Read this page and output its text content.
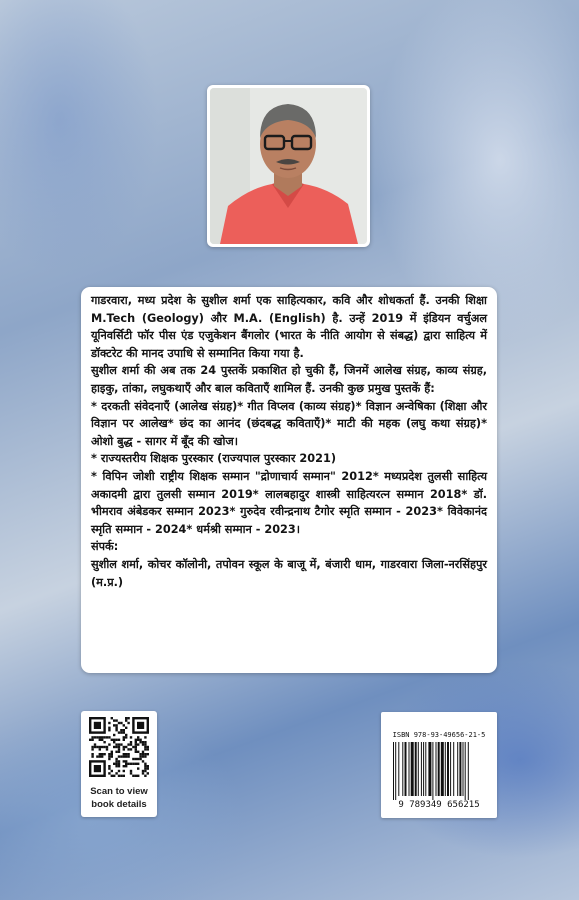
गाडरवारा, मध्य प्रदेश के सुशील शर्मा एक साहित्यकार, कवि और शोधकर्ता हैं. उनकी शिक्षा M.Tech (Geology) और M.A. (English) है. उन्हें 2019 में इंडियन वर्चुअल यूनिवर्सिटी फॉर पीस एंड एजुकेशन बैंगलोर (भारत के नीति आयोग से संबद्ध) द्वारा साहित्य में डॉक्टरेट की मानद उपाधि से सम्मानित किया गया है.

सुशील शर्मा की अब तक 24 पुस्तकें प्रकाशित हो चुकी हैं, जिनमें आलेख संग्रह, काव्य संग्रह, हाइकु, तांका, लघुकथाएँ और बाल कविताएँ शामिल हैं. उनकी कुछ प्रमुख पुस्तकें हैं:

* दरकती संवेदनाएँ (आलेख संग्रह)* गीत विप्लव (काव्य संग्रह)* विज्ञान अन्वेषिका (शिक्षा और विज्ञान पर आलेख* छंद का आनंद (छंदबद्ध कविताएँ)* माटी की महक (लघु कथा संग्रह)* ओशो बुद्ध - सागर में बूँद की खोज।

* राज्यस्तरीय शिक्षक पुरस्कार (राज्यपाल पुरस्कार 2021)

* विपिन जोशी राष्ट्रीय शिक्षक सम्मान "द्रोणाचार्य सम्मान" 2012* मध्यप्रदेश तुलसी साहित्य अकादमी द्वारा तुलसी सम्मान 2019* लालबहादुर शास्त्री साहित्यरत्न सम्मान 2018* डॉ. भीमराव अंबेडकर सम्मान 2023* गुरुदेव रवीन्द्रनाथ टैगोर स्मृति सम्मान - 2023* विवेकानंद स्मृति सम्मान - 2024* धर्मश्री सम्मान - 2023।

संपर्क:

सुशील शर्मा, कोचर कॉलोनी, तपोवन स्कूल के बाजू में, बंजारी धाम, गाडरवारा जिला-नरसिंहपुर (म.प्र.)

Scan to view
book details
ISBN 978-93-49656-21-5
9 789349 656215
